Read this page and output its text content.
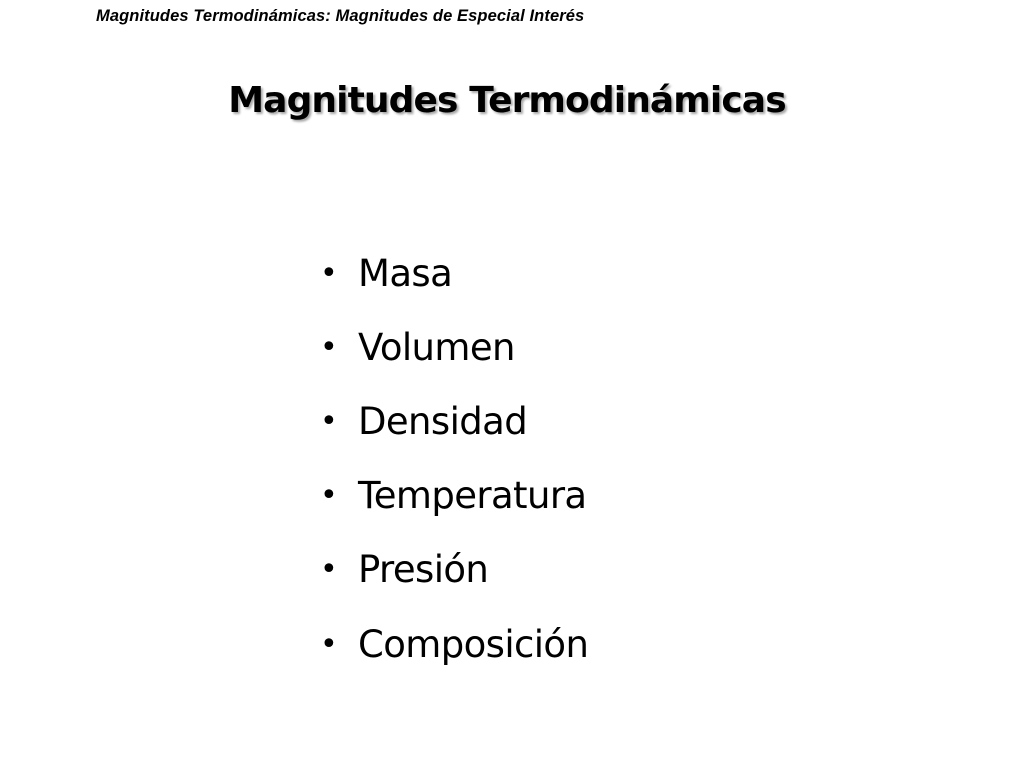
Magnitudes Termodinámicas: Magnitudes de Especial Interés
Magnitudes Termodinámicas
• Masa
• Volumen
• Densidad
• Temperatura
• Presión
• Composición
